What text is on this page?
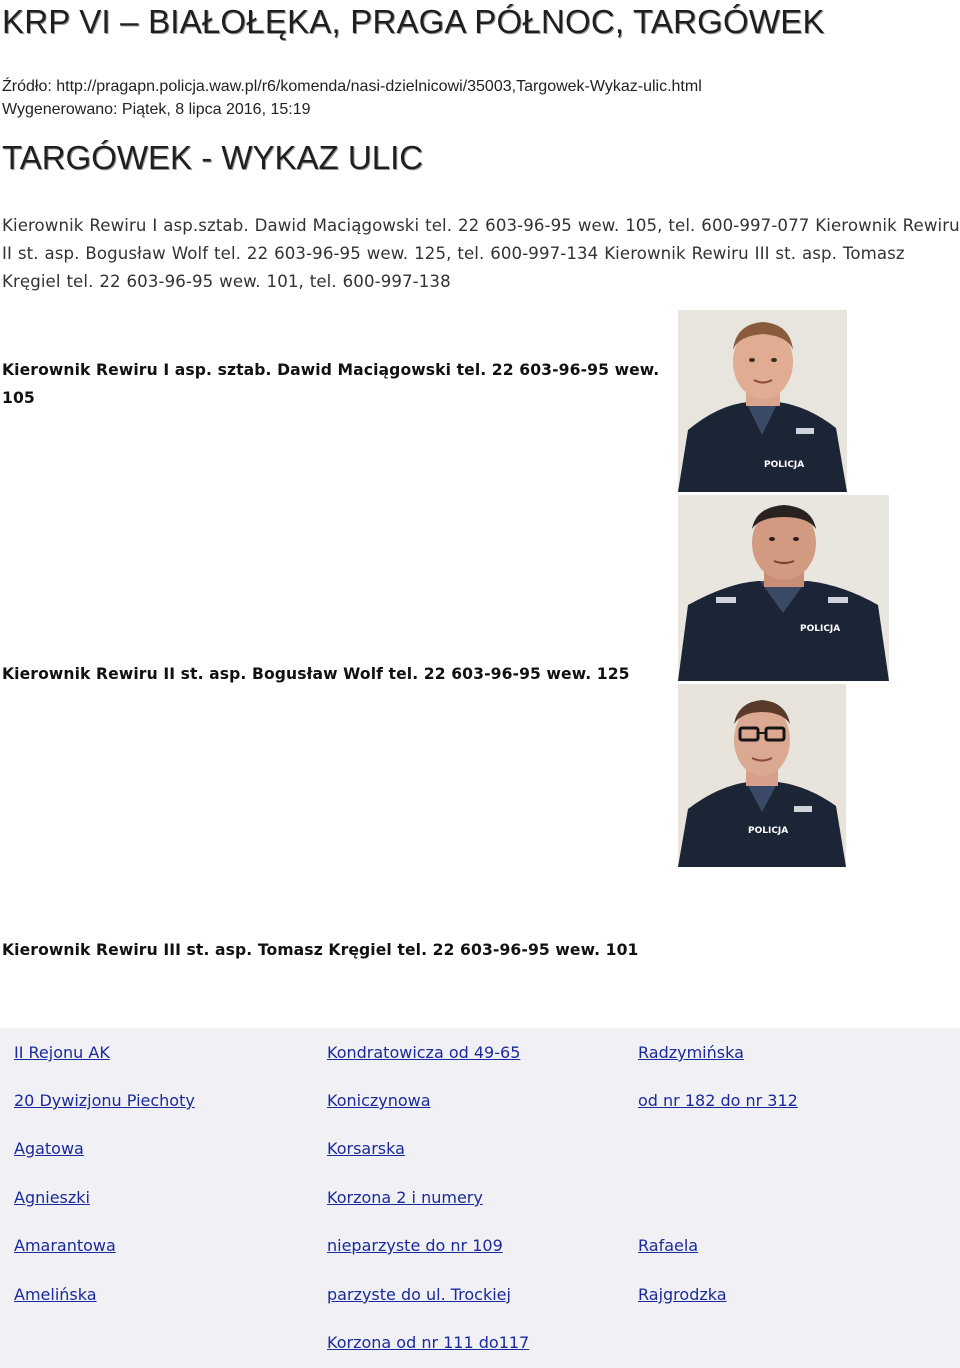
KRP VI – BIAŁOŁĘKA, PRAGA PÓŁNOC, TARGÓWEK
Źródło: http://pragapn.policja.waw.pl/r6/komenda/nasi-dzielnicowi/35003,Targowek-Wykaz-ulic.html
Wygenerowano: Piątek, 8 lipca 2016, 15:19
TARGÓWEK - WYKAZ ULIC
Kierownik Rewiru I asp.sztab. Dawid Maciągowski tel. 22 603-96-95 wew. 105, tel. 600-997-077 Kierownik Rewiru II st. asp. Bogusław Wolf tel. 22 603-96-95 wew. 125, tel. 600-997-134 Kierownik Rewiru III st. asp. Tomasz Kręgiel tel. 22 603-96-95 wew. 101, tel. 600-997-138
POLICJA
Kierownik Rewiru I asp. sztab. Dawid Maciągowski tel. 22 603-96-95 wew.
105
POLICJA
Kierownik Rewiru II st. asp. Bogusław Wolf tel. 22 603-96-95 wew. 125
POLICJA
Kierownik Rewiru III st. asp. Tomasz Kręgiel tel. 22 603-96-95 wew. 101
II Rejonu AK
20 Dywizjonu Piechoty
Agatowa
Agnieszki
Amarantowa
Amelińska
Kondratowicza od 49-65
Koniczynowa
Korsarska
Korzona 2 i numery
nieparzyste do nr 109
parzyste do ul. Trockiej
Korzona od nr 111 do117
Radzymińska
od nr 182 do nr 312
Rafaela
Rajgrodzka
